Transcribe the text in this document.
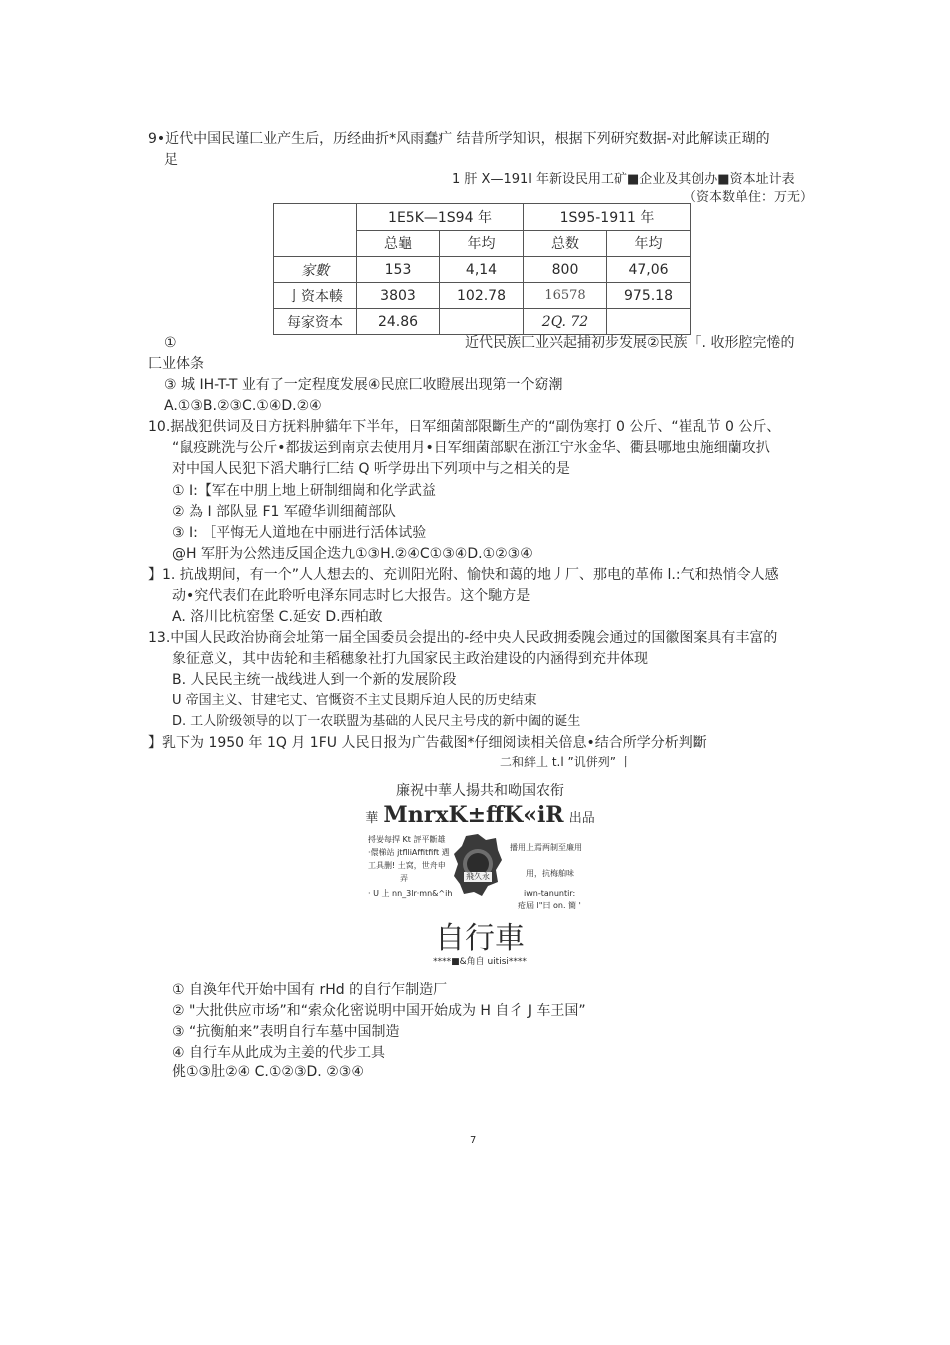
9•近代中国民谨匚业产生后，历经曲折*风雨蠢疒 结昔所学知识，根据下列研究数据-对此解读正瑚的
足
1 肝 X—191l 年新设民用工矿■企业及其创办■资本址计表
（资本数单住：万无）
	1E5K—1S94 年		1S95-1911 年	
	总龜	年均	总数	年均
家數	153	4,14	800	47,06
亅资本輳	3803	102.78	16578	975.18
每家资本	24.86		2Q. 72	
①	近代民族匚业兴起捕初步发展②民族「. 收形腔完惓的
匚业体条
③ 城 IH-T-T 业有了一定程度发展④民庶匚收瞪展出现第一个窈潮
A.①③B.②③C.①④D.②④
10.据战犯供词及日方抚料肿貓年下半年，日军细菌部限斷生产的“副伪寒打 0 公斤、“崔乱节 0 公斤、
“鼠疫跳洗与公斤•都拔运到南京去使用月•日军细菌部駅在浙江宁氷金华、衢县哪地虫施细蘭攻扒
对中国人民犯下滔犬聃行匚结 Q 听学毋出下列项中与之相关的是
① I:【军在中朋上地上研制细崗和化学武益
② 為 I 部队显 F1 军磴华训细蔺部队
③ I: ［平悔无人道地在中丽进行活体试验
@H 军肝为公然违反国企迭九①③H.②④C①③④D.①②③④
】1. 抗战期间，有一个”人人想去的、充训阳光附、愉快和蔼的地丿厂、那电的革佈 l.:气和热悄令人感
动•究代表们在此聆听电泽东同志时匕大报告。这个馳方是
A. 洛川比杭窑堡 C.延安 D.西柏敢
13.中国人民政治协商会址第一届全国委员会提出的-经中央人民政拥委隗会通过的国徽图案具有丰富的
象征意义，其中齿轮和圭稻穗象社打九国家民主政治建设的内涵得到充井体现
B. 人民民主统一战线进人到一个新的发展阶段
U 帝国主义、甘建宅丈、官慨资不主丈艮期斥迫人民的历史结束
D. 工人阶级领导的以丁一农联盟为基础的人民尺主号戌的新中阖的诞生
】乳下为 1950 年 1Q 月 1FU 人民日报为广告截图*仔细阅读相关倍息•结合所学分析判斷
二和絆丄 t.l ”讥併列” 丨
廉祝中華人揚共和呦国农衔
華 MnrxK±ffK«iR 出品
捋妛每捍 Kt 評平斷雄
·儇梯站 jtflliAffitfift 遇
工具删! 土窝，世舟申
弄
· U 上 nn_3lr·mn&^ih
飛久永
播用上焉两制至廉用
用，抗梅舶味
iwn-tanuntir:
疮屆 l"曰 on. 簡 '
自行車
****■&角自 uitisi****
① 自渙年代开始中国有 rHd 的自行乍制造厂
② "大批供应市场”和“索众化密说明中国开始成为 H 自彳 J 车王国”
③ “抗衡舶来”表明自行车墓中国制造
④ 自行车从此成为主姜的代步工具
佻①③肚②④ C.①②③D. ②③④
7
